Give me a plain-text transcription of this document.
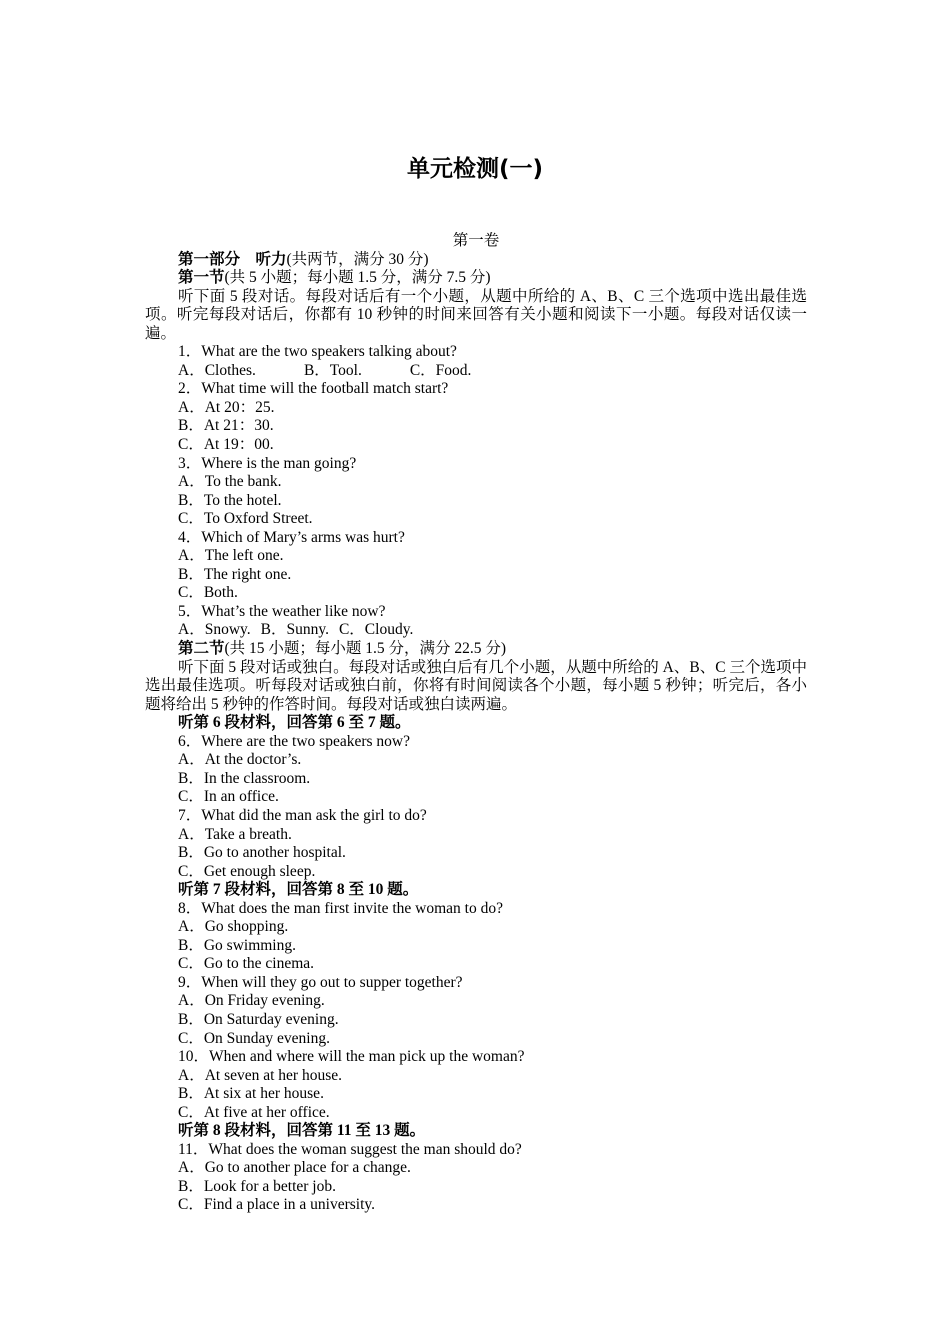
单元检测(一)
第一卷
第一部分　听力(共两节，满分 30 分)
第一节(共 5 小题；每小题 1.5 分，满分 7.5 分)
听下面 5 段对话。每段对话后有一个小题，从题中所给的 A、B、C 三个选项中选出最佳选项。听完每段对话后，你都有 10 秒钟的时间来回答有关小题和阅读下一小题。每段对话仅读一遍。
1．What are the two speakers talking about?
A．Clothes.	B．Tool.	C．Food.
2．What time will the football match start?
A．At 20：25.
B．At 21：30.
C．At 19：00.
3．Where is the man going?
A．To the bank.
B．To the hotel.
C．To Oxford Street.
4．Which of Mary’s arms was hurt?
A．The left one.
B．The right one.
C．Both.
5．What’s the weather like now?
A．Snowy. B．Sunny. C．Cloudy.
第二节(共 15 小题；每小题 1.5 分，满分 22.5 分)
听下面 5 段对话或独白。每段对话或独白后有几个小题，从题中所给的 A、B、C 三个选项中选出最佳选项。听每段对话或独白前，你将有时间阅读各个小题，每小题 5 秒钟；听完后，各小题将给出 5 秒钟的作答时间。每段对话或独白读两遍。
听第 6 段材料，回答第 6 至 7 题。
6．Where are the two speakers now?
A．At the doctor’s.
B．In the classroom.
C．In an office.
7．What did the man ask the girl to do?
A．Take a breath.
B．Go to another hospital.
C．Get enough sleep.
听第 7 段材料，回答第 8 至 10 题。
8．What does the man first invite the woman to do?
A．Go shopping.
B．Go swimming.
C．Go to the cinema.
9．When will they go out to supper together?
A．On Friday evening.
B．On Saturday evening.
C．On Sunday evening.
10．When and where will the man pick up the woman?
A．At seven at her house.
B．At six at her house.
C．At five at her office.
听第 8 段材料，回答第 11 至 13 题。
11．What does the woman suggest the man should do?
A．Go to another place for a change.
B．Look for a better job.
C．Find a place in a university.
